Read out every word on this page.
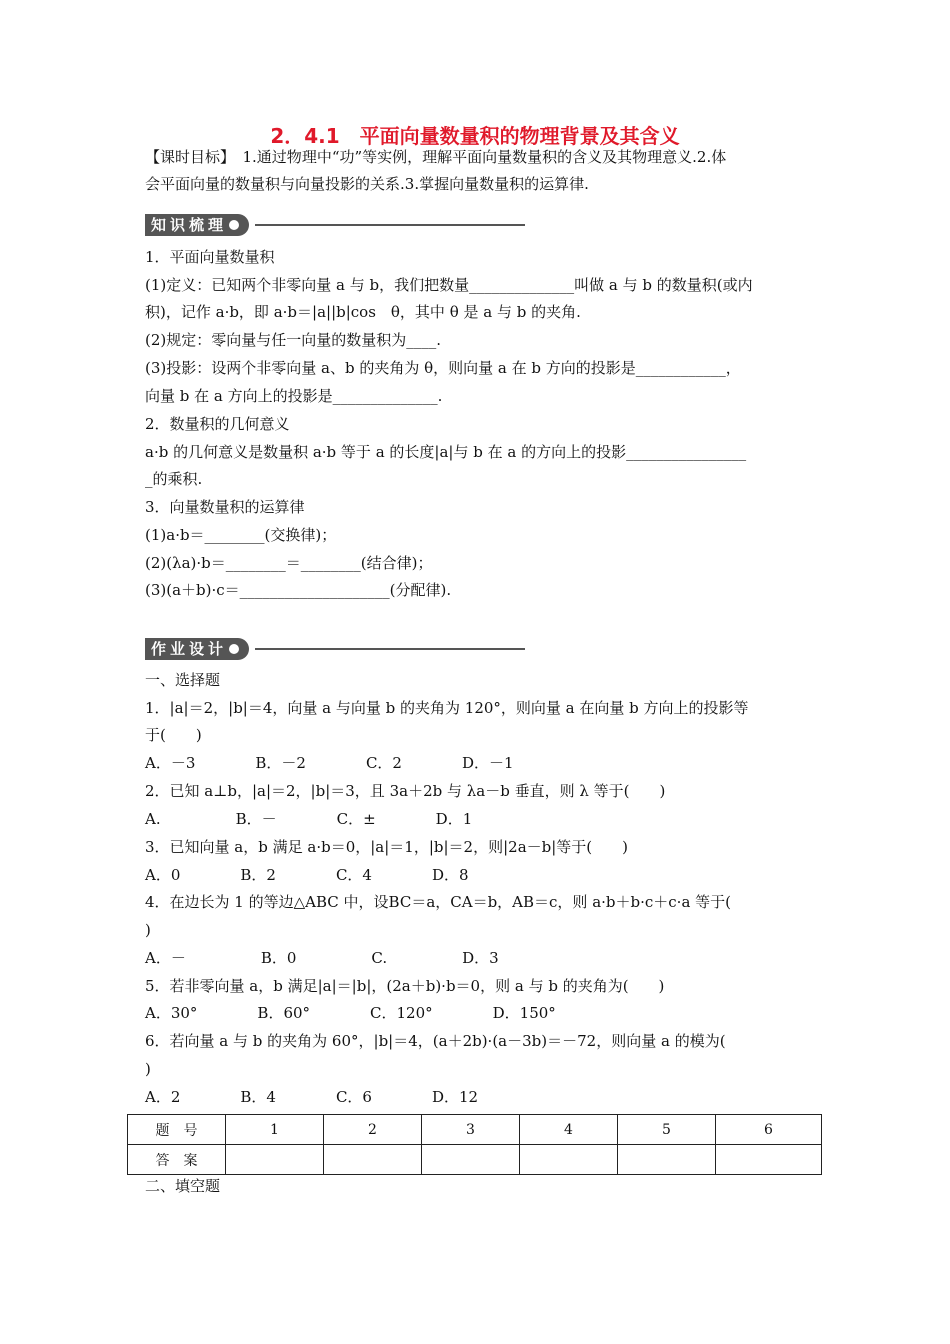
2．4.1　平面向量数量积的物理背景及其含义
【课时目标】　1.通过物理中“功”等实例，理解平面向量数量积的含义及其物理意义.2.体
会平面向量的数量积与向量投影的关系.3.掌握向量数量积的运算律.
知识梳理
1．平面向量数量积
(1)定义：已知两个非零向量 a 与 b，我们把数量______________叫做 a 与 b 的数量积(或内
积)，记作 a·b，即 a·b＝|a||b|cos　θ，其中 θ 是 a 与 b 的夹角.
(2)规定：零向量与任一向量的数量积为____.
(3)投影：设两个非零向量 a、b 的夹角为 θ，则向量 a 在 b 方向的投影是____________，
向量 b 在 a 方向上的投影是______________.
2．数量积的几何意义
a·b 的几何意义是数量积 a·b 等于 a 的长度|a|与 b 在 a 的方向上的投影________________
_的乘积.
3．向量数量积的运算律
(1)a·b＝________(交换律)；
(2)(λa)·b＝________＝________(结合律)；
(3)(a＋b)·c＝____________________(分配律).
作业设计
一、选择题
1．|a|＝2，|b|＝4，向量 a 与向量 b 的夹角为 120°，则向量 a 在向量 b 方向上的投影等
于(　　)
A．－3　　　　B．－2　　　　C．2　　　　D．－1
2．已知 a⊥b，|a|＝2，|b|＝3，且 3a＋2b 与 λa－b 垂直，则 λ 等于(　　)
A.　　　　　B．－　　　　C．±　　　　D．1
3．已知向量 a，b 满足 a·b＝0，|a|＝1，|b|＝2，则|2a－b|等于(　　)
A．0　　　　B．2　　　　C．4　　　　D．8
4．在边长为 1 的等边△ABC 中，设BC＝a，CA＝b，AB＝c，则 a·b＋b·c＋c·a 等于(
)
A．－　　　　　B．0　　　　　C.　　　　　D．3
5．若非零向量 a，b 满足|a|＝|b|，(2a＋b)·b＝0，则 a 与 b 的夹角为(　　)
A．30°　　　　B．60°　　　　C．120°　　　　D．150°
6．若向量 a 与 b 的夹角为 60°，|b|＝4，(a＋2b)·(a－3b)＝－72，则向量 a 的模为(
)
A．2　　　　B．4　　　　C．6　　　　D．12
题　号	1	2	3	4	5	6
答　案						
二、填空题
